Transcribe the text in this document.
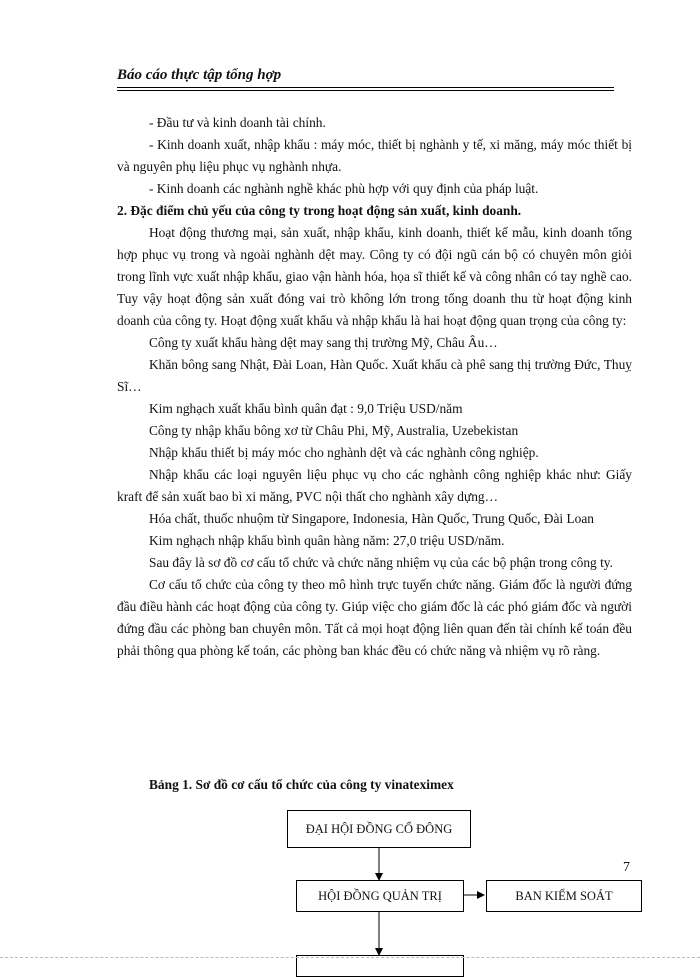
Báo cáo thực tập tổng hợp

- Đầu tư và kinh doanh tài chính.

- Kinh doanh xuất, nhập khẩu : máy móc, thiết bị nghành y tế, xi măng, máy móc thiết bị và nguyên phụ liệu phục vụ nghành nhựa.

- Kinh doanh các nghành nghề khác phù hợp với quy định của pháp luật.

2. Đặc điểm chủ yếu của công ty trong hoạt động sản xuất, kinh doanh.

Hoạt động thương mại, sản xuất, nhập khẩu, kinh doanh, thiết kế mẫu, kinh doanh tổng hợp phục vụ trong và ngoài nghành dệt may. Công ty có đội ngũ cán bộ có chuyên môn giỏi trong lĩnh vực xuất nhập khẩu, giao vận hành hóa, họa sĩ thiết kế và công nhân có tay nghề cao. Tuy vậy hoạt động sản xuất đóng vai trò không lớn trong tổng doanh thu từ hoạt động kinh doanh của công ty. Hoạt động xuất khẩu và nhập khẩu là hai hoạt động quan trọng của công ty:

Công ty xuất khẩu hàng dệt may sang thị trường Mỹ, Châu Âu…

Khăn bông sang Nhật, Đài Loan, Hàn Quốc. Xuất khẩu cà phê sang thị trường Đức, Thuỵ Sĩ…

Kim nghạch xuất khẩu bình quân đạt : 9,0 Triệu USD/năm

Công ty nhập khẩu bông xơ từ Châu Phi, Mỹ, Australia, Uzebekistan

Nhập khẩu thiết bị máy móc cho nghành dệt và các nghành công nghiệp.

Nhập khẩu các loại nguyên liệu phục vụ cho các nghành công nghiệp khác như: Giấy kraft để sản xuất bao bì xi măng, PVC nội thất cho nghành xây dựng…

Hóa chất, thuốc nhuộm từ Singapore, Indonesia, Hàn Quốc, Trung Quốc, Đài Loan

Kim nghạch nhập khẩu bình quân hàng năm: 27,0 triệu USD/năm.

Sau đây là sơ đồ cơ cấu tổ chức và chức năng nhiệm vụ của các bộ phận trong công ty.

Cơ cấu tổ chức của công ty theo mô hình trực tuyến chức năng. Giám đốc là người đứng đầu điều hành các hoạt động của công ty. Giúp việc cho giám đốc là các phó giám đốc và người đứng đầu các phòng ban chuyên môn. Tất cả mọi hoạt động liên quan đến tài chính kế toán đều phải thông qua phòng kế toán, các phòng ban khác đều có chức năng và nhiệm vụ rõ ràng.

Bảng 1. Sơ đồ cơ cấu tổ chức của công ty vinateximex
ĐẠI HỘI ĐỒNG CỔ ĐÔNG
HỘI ĐỒNG QUẢN TRỊ	BAN KIỂM SOÁT
7
